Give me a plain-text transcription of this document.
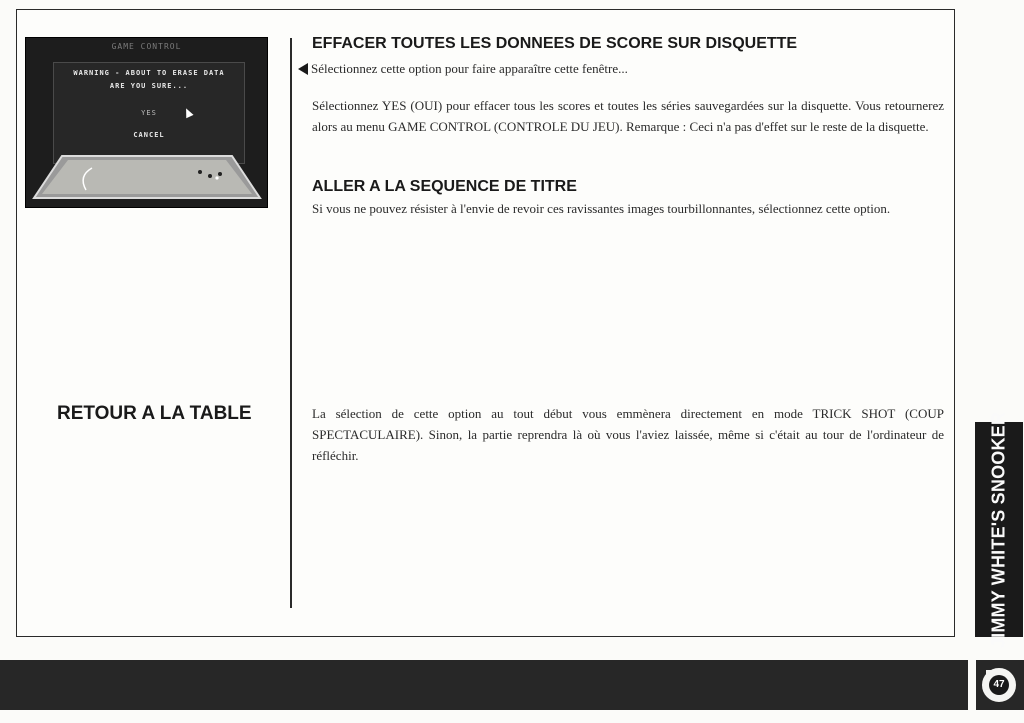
GAME CONTROL
WARNING - ABOUT TO ERASE DATA
ARE YOU SURE...
YES
CANCEL
EFFACER TOUTES LES DONNEES DE SCORE SUR DISQUETTE
Sélectionnez cette option pour faire apparaître cette fenêtre...
Sélectionnez YES (OUI) pour effacer tous les scores et toutes les séries sauvegardées sur la disquette. Vous retournerez alors au menu GAME CONTROL (CONTROLE DU JEU). Remarque : Ceci n'a pas d'effet sur le reste de la disquette.
ALLER A LA SEQUENCE DE TITRE
Si vous ne pouvez résister à l'envie de revoir ces ravissantes images tourbillonnantes, sélectionnez cette option.
RETOUR A LA TABLE	La sélection de cette option au tout début vous emmènera directement en mode TRICK SHOT (COUP SPECTACULAIRE). Sinon, la partie reprendra là où vous l'aviez laissée, même si c'était au tour de l'ordinateur de réfléchir.	JIMMY WHITE'S SNOOKER
47
